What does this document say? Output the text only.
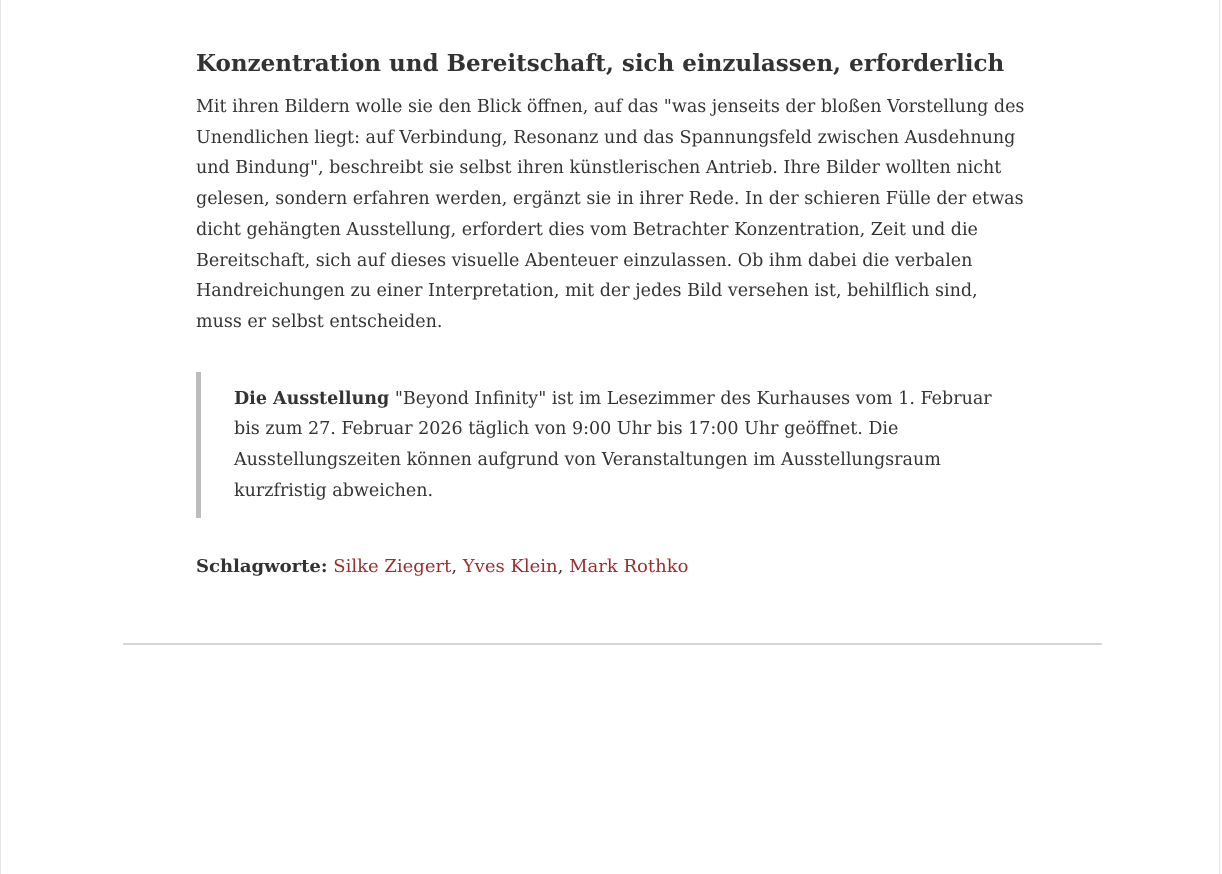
Konzentration und Bereitschaft, sich einzulassen, erforderlich

Mit ihren Bildern wolle sie den Blick öffnen, auf das "was jenseits der bloßen Vorstellung des Unendlichen liegt: auf Verbindung, Resonanz und das Spannungsfeld zwischen Ausdehnung und Bindung", beschreibt sie selbst ihren künstlerischen Antrieb. Ihre Bilder wollten nicht gelesen, sondern erfahren werden, ergänzt sie in ihrer Rede. In der schieren Fülle der etwas dicht gehängten Ausstellung, erfordert dies vom Betrachter Konzentration, Zeit und die Bereitschaft, sich auf dieses visuelle Abenteuer einzulassen. Ob ihm dabei die verbalen Handreichungen zu einer Interpretation, mit der jedes Bild versehen ist, behilflich sind, muss er selbst entscheiden.

Die Ausstellung "Beyond Infinity" ist im Lesezimmer des Kurhauses vom 1. Februar bis zum 27. Februar 2026 täglich von 9:00 Uhr bis 17:00 Uhr geöffnet. Die Ausstellungszeiten können aufgrund von Veranstaltungen im Ausstellungsraum kurzfristig abweichen.

Schlagworte: Silke Ziegert, Yves Klein, Mark Rothko
